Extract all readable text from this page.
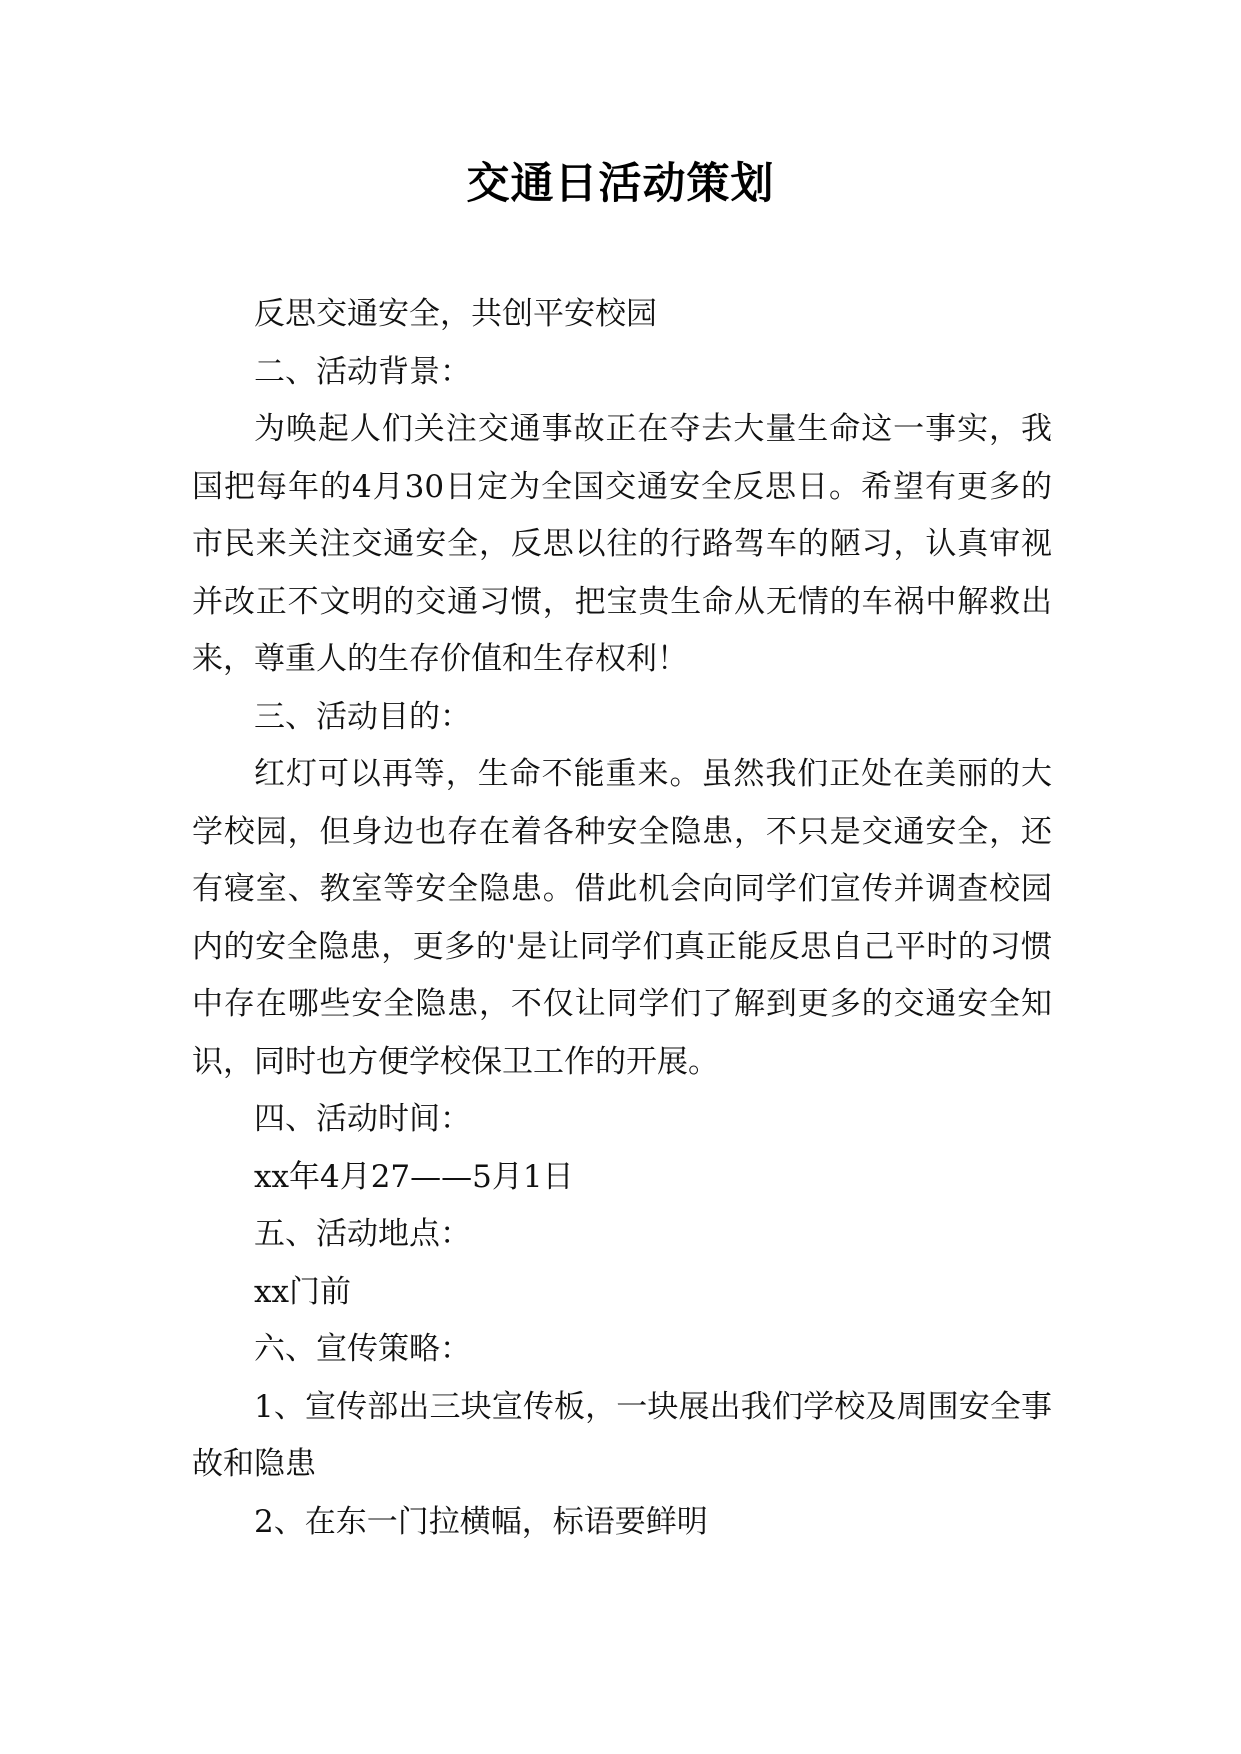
交通日活动策划

反思交通安全，共创平安校园

二、活动背景：

为唤起人们关注交通事故正在夺去大量生命这一事实，我国把每年的4月30日定为全国交通安全反思日。希望有更多的市民来关注交通安全，反思以往的行路驾车的陋习，认真审视并改正不文明的交通习惯，把宝贵生命从无情的车祸中解救出来，尊重人的生存价值和生存权利！

三、活动目的：

红灯可以再等，生命不能重来。虽然我们正处在美丽的大学校园，但身边也存在着各种安全隐患，不只是交通安全，还有寝室、教室等安全隐患。借此机会向同学们宣传并调查校园内的安全隐患，更多的'是让同学们真正能反思自己平时的习惯中存在哪些安全隐患，不仅让同学们了解到更多的交通安全知识，同时也方便学校保卫工作的开展。

四、活动时间：

xx年4月27——5月1日

五、活动地点：

xx门前

六、宣传策略：

1、宣传部出三块宣传板，一块展出我们学校及周围安全事故和隐患

2、在东一门拉横幅，标语要鲜明
